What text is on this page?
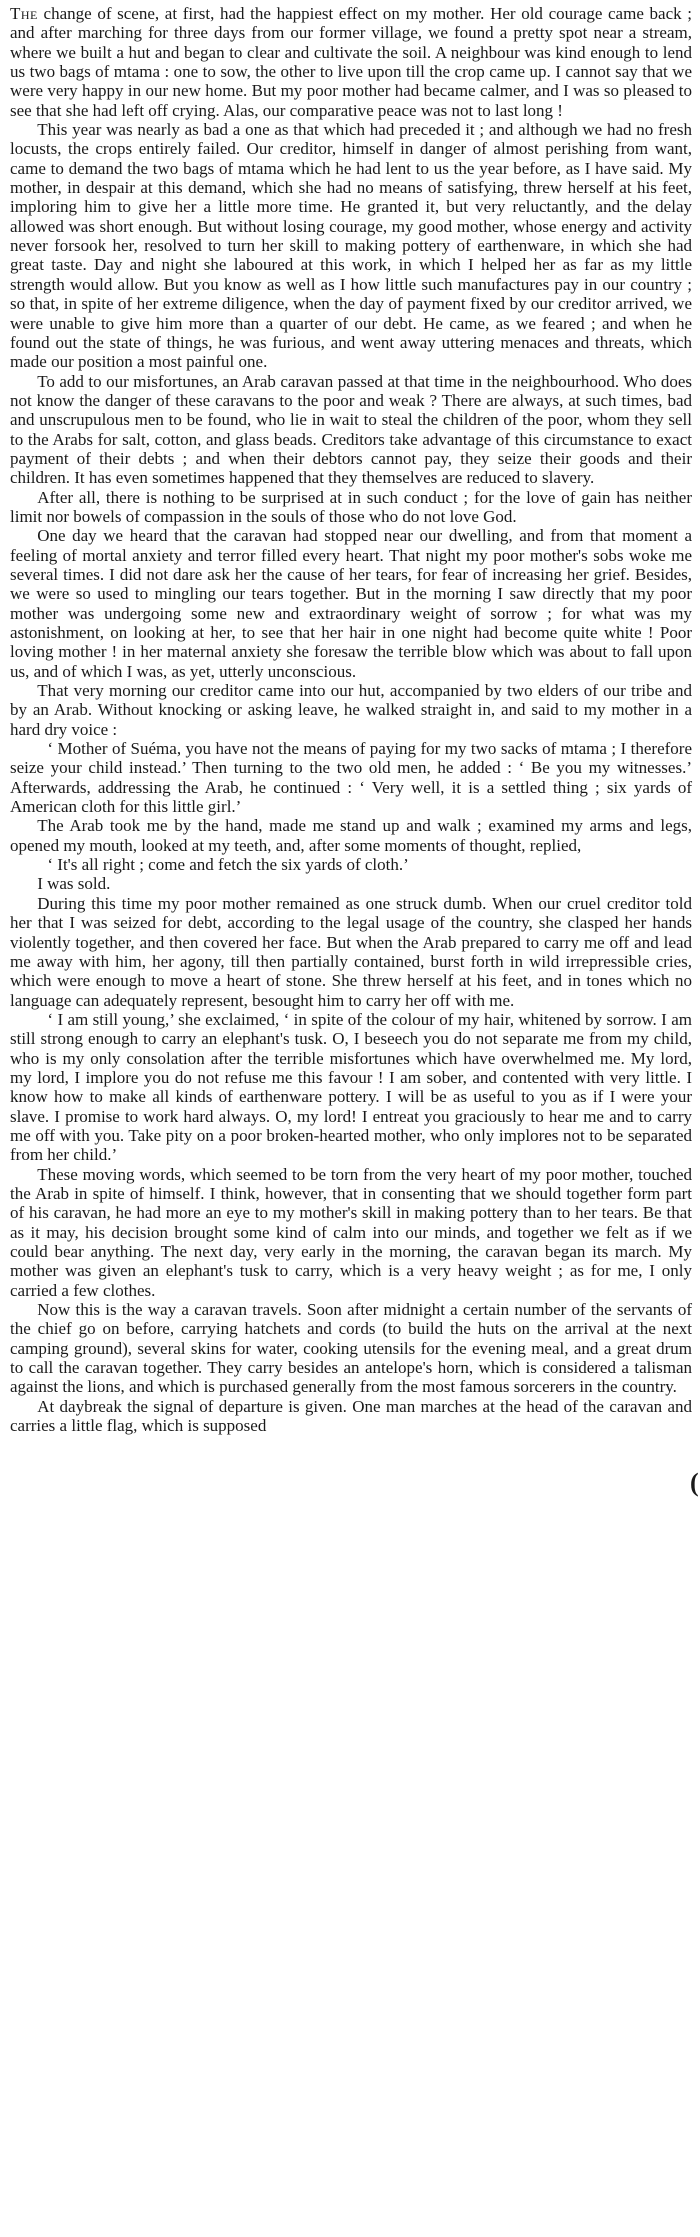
The change of scene, at first, had the happiest effect on my mother. Her old courage came back ; and after marching for three days from our former village, we found a pretty spot near a stream, where we built a hut and began to clear and cultivate the soil. A neighbour was kind enough to lend us two bags of mtama : one to sow, the other to live upon till the crop came up. I cannot say that we were very happy in our new home. But my poor mother had became calmer, and I was so pleased to see that she had left off crying. Alas, our comparative peace was not to last long !

This year was nearly as bad a one as that which had preceded it ; and although we had no fresh locusts, the crops entirely failed. Our creditor, himself in danger of almost perishing from want, came to demand the two bags of mtama which he had lent to us the year before, as I have said. My mother, in despair at this demand, which she had no means of satisfying, threw herself at his feet, imploring him to give her a little more time. He granted it, but very reluctantly, and the delay allowed was short enough. But without losing courage, my good mother, whose energy and activity never forsook her, resolved to turn her skill to making pottery of earthenware, in which she had great taste. Day and night she laboured at this work, in which I helped her as far as my little strength would allow. But you know as well as I how little such manufactures pay in our country ; so that, in spite of her extreme diligence, when the day of payment fixed by our creditor arrived, we were unable to give him more than a quarter of our debt. He came, as we feared ; and when he found out the state of things, he was furious, and went away uttering menaces and threats, which made our position a most painful one.

To add to our misfortunes, an Arab caravan passed at that time in the neighbourhood. Who does not know the danger of these caravans to the poor and weak ? There are always, at such times, bad and unscrupulous men to be found, who lie in wait to steal the children of the poor, whom they sell to the Arabs for salt, cotton, and glass beads. Creditors take advantage of this circumstance to exact payment of their debts ; and when their debtors cannot pay, they seize their goods and their children. It has even sometimes happened that they themselves are reduced to slavery.

After all, there is nothing to be surprised at in such conduct ; for the love of gain has neither limit nor bowels of compassion in the souls of those who do not love God.

One day we heard that the caravan had stopped near our dwelling, and from that moment a feeling of mortal anxiety and terror filled every heart. That night my poor mother's sobs woke me several times. I did not dare ask her the cause of her tears, for fear of increasing her grief. Besides, we were so used to mingling our tears together. But in the morning I saw directly that my poor mother was undergoing some new and extraordinary weight of sorrow ; for what was my astonishment, on looking at her, to see that her hair in one night had become quite white ! Poor loving mother ! in her maternal anxiety she foresaw the terrible blow which was about to fall upon us, and of which I was, as yet, utterly unconscious.

That very morning our creditor came into our hut, accompanied by two elders of our tribe and by an Arab. Without knocking or asking leave, he walked straight in, and said to my mother in a hard dry voice :

‘ Mother of Suéma, you have not the means of paying for my two sacks of mtama ; I therefore seize your child instead.’ Then turning to the two old men, he added : ‘ Be you my witnesses.’ Afterwards, addressing the Arab, he continued : ‘ Very well, it is a settled thing ; six yards of American cloth for this little girl.’

The Arab took me by the hand, made me stand up and walk ; examined my arms and legs, opened my mouth, looked at my teeth, and, after some moments of thought, replied,

‘ It's all right ; come and fetch the six yards of cloth.’

I was sold.

During this time my poor mother remained as one struck dumb. When our cruel creditor told her that I was seized for debt, according to the legal usage of the country, she clasped her hands violently together, and then covered her face. But when the Arab prepared to carry me off and lead me away with him, her agony, till then partially contained, burst forth in wild irrepressible cries, which were enough to move a heart of stone. She threw herself at his feet, and in tones which no language can adequately represent, besought him to carry her off with me.

‘ I am still young,’ she exclaimed, ‘ in spite of the colour of my hair, whitened by sorrow. I am still strong enough to carry an elephant's tusk. O, I beseech you do not separate me from my child, who is my only consolation after the terrible misfortunes which have overwhelmed me. My lord, my lord, I implore you do not refuse me this favour ! I am sober, and contented with very little. I know how to make all kinds of earthenware pottery. I will be as useful to you as if I were your slave. I promise to work hard always. O, my lord! I entreat you graciously to hear me and to carry me off with you. Take pity on a poor broken-hearted mother, who only implores not to be separated from her child.’

These moving words, which seemed to be torn from the very heart of my poor mother, touched the Arab in spite of himself. I think, however, that in consenting that we should together form part of his caravan, he had more an eye to my mother's skill in making pottery than to her tears. Be that as it may, his decision brought some kind of calm into our minds, and together we felt as if we could bear anything. The next day, very early in the morning, the caravan began its march. My mother was given an elephant's tusk to carry, which is a very heavy weight ; as for me, I only carried a few clothes.

Now this is the way a caravan travels. Soon after midnight a certain number of the servants of the chief go on before, carrying hatchets and cords (to build the huts on the arrival at the next camping ground), several skins for water, cooking utensils for the evening meal, and a great drum to call the caravan together. They carry besides an antelope's horn, which is considered a talisman against the lions, and which is purchased generally from the most famous sorcerers in the country.

At daybreak the signal of departure is given. One man marches at the head of the caravan and carries a little flag, which is supposed

(
